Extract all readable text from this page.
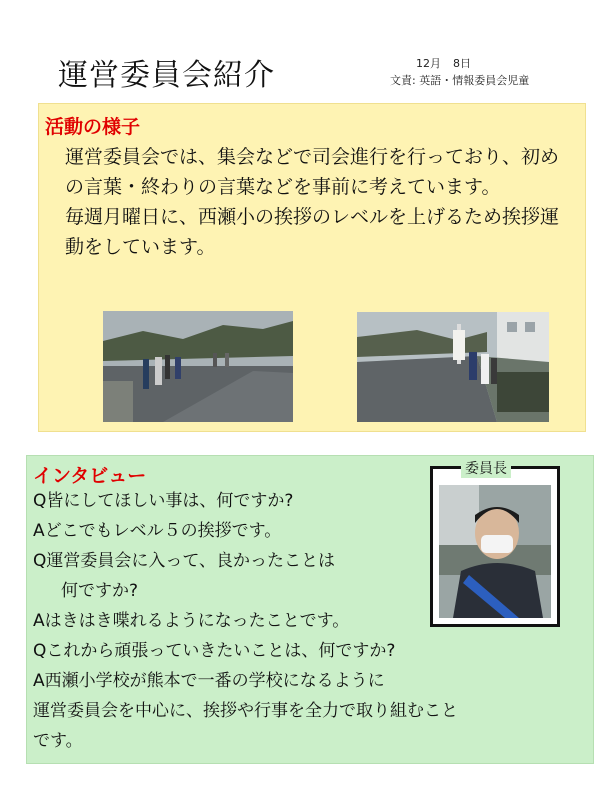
運営委員会紹介	12月 8日
文責: 英語・情報委員会児童
活動の様子

運営委員会では、集会などで司会進行を行っており、初めの言葉・終わりの言葉などを事前に考えています。

毎週月曜日に、西瀬小の挨拶のレベルを上げるため挨拶運動をしています。

インタビュー

Q皆にしてほしい事は、何ですか?

Aどこでもレベル５の挨拶です。

Q運営委員会に入って、良かったことは

何ですか?

Aはきはき喋れるようになったことです。

Qこれから頑張っていきたいことは、何ですか?

A西瀬小学校が熊本で一番の学校になるように

運営委員会を中心に、挨拶や行事を全力で取り組むこと

です。

委員長
